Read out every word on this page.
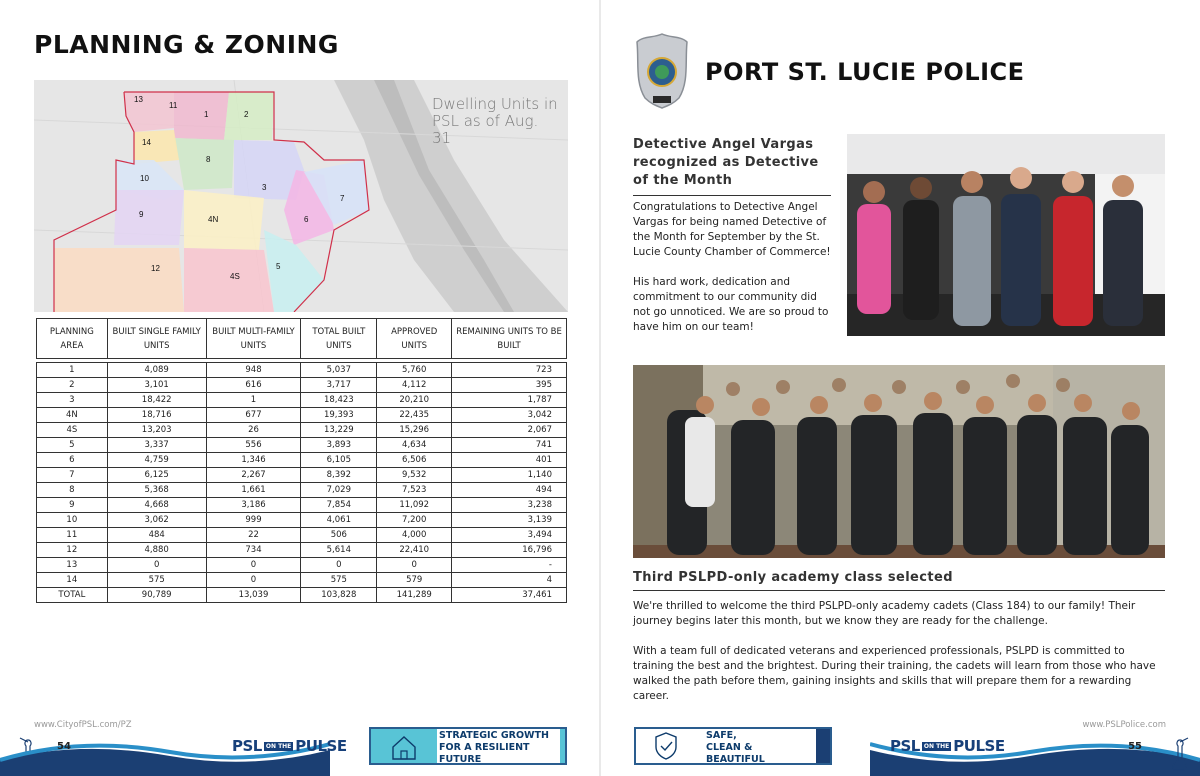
PLANNING & ZONING
13
11
1	2
14
8
10
3
7
9
4N	6
12
4S
5
Dwelling Units in PSL as of Aug. 31
PLANNING AREA	BUILT SINGLE FAMILY UNITS	BUILT MULTI-FAMILY UNITS	TOTAL BUILT UNITS	APPROVED UNITS	REMAINING UNITS TO BE BUILT

1	4,089	948	5,037	5,760	723
2	3,101	616	3,717	4,112	395
3	18,422	1	18,423	20,210	1,787
4N	18,716	677	19,393	22,435	3,042
4S	13,203	26	13,229	15,296	2,067
5	3,337	556	3,893	4,634	741
6	4,759	1,346	6,105	6,506	401
7	6,125	2,267	8,392	9,532	1,140
8	5,368	1,661	7,029	7,523	494
9	4,668	3,186	7,854	11,092	3,238
10	3,062	999	4,061	7,200	3,139
11	484	22	506	4,000	3,494
12	4,880	734	5,614	22,410	16,796
13	0	0	0	0	-
14	575	0	575	579	4
TOTAL	90,789	13,039	103,828	141,289	37,461
www.CityofPSL.com/PZ
54	PSL ON THE PULSE
STRATEGIC GROWTH
FOR A RESILIENT
FUTURE
PORT ST. LUCIE POLICE
Detective Angel Vargas recognized as Detective of the Month

Congratulations to Detective Angel Vargas for being named Detective of the Month for September by the St. Lucie County Chamber of Commerce!

His hard work, dedication and commitment to our community did not go unnoticed. We are so proud to have him on our team!

Third PSLPD-only academy class selected

We're thrilled to welcome the third PSLPD-only academy cadets (Class 184) to our family! Their journey begins later this month, but we know they are ready for the challenge.

With a team full of dedicated veterans and experienced professionals, PSLPD is committed to training the best and the brightest. During their training, the cadets will learn from those who have walked the path before them, gaining insights and skills that will prepare them for a rewarding career.

www.PSLPolice.com
SAFE,
CLEAN &
BEAUTIFUL
PSL ON THE PULSE	55
